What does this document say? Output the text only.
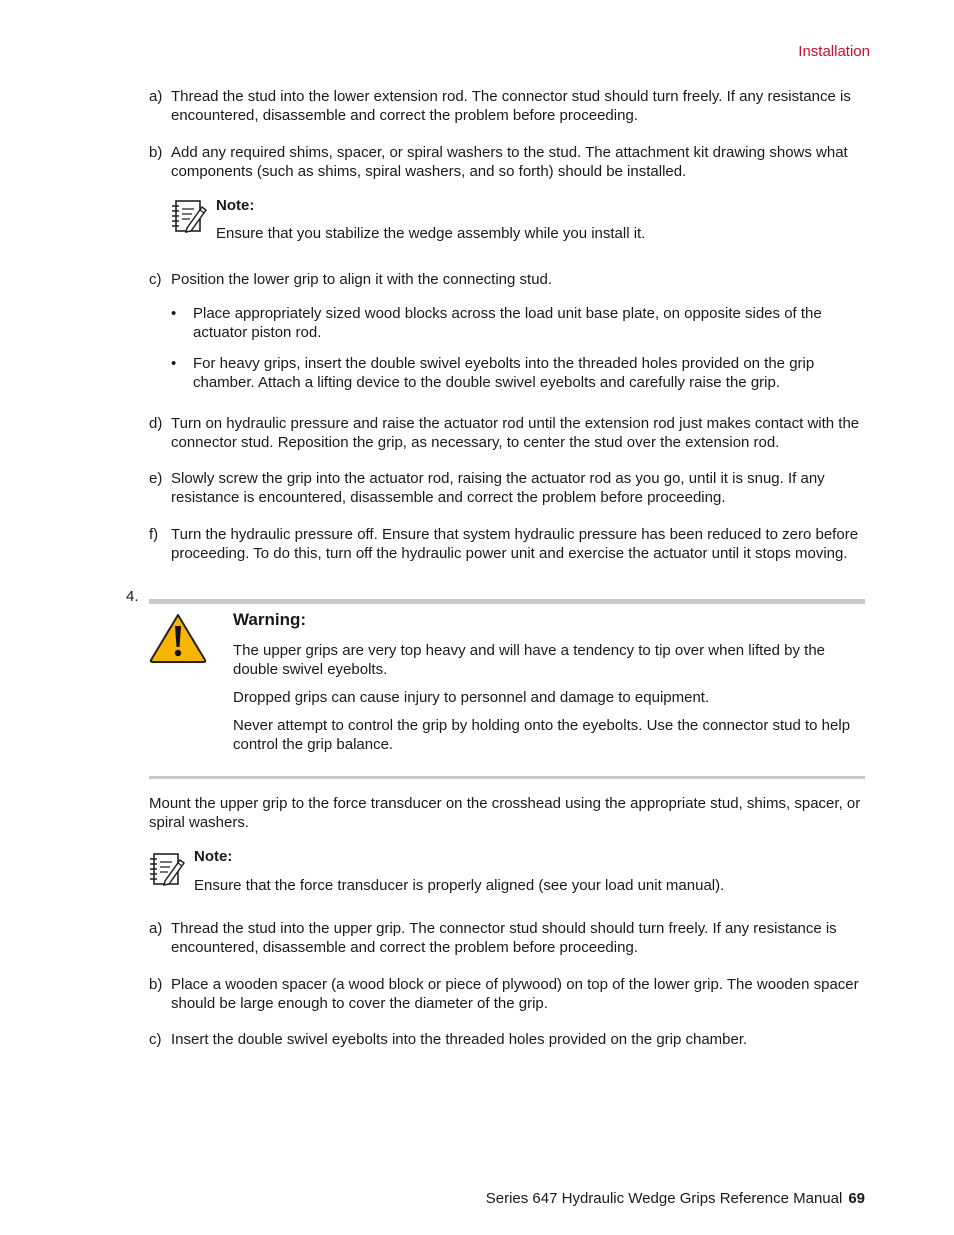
Installation
a) Thread the stud into the lower extension rod. The connector stud should turn freely. If any resistance is encountered, disassemble and correct the problem before proceeding.
b) Add any required shims, spacer, or spiral washers to the stud. The attachment kit drawing shows what components (such as shims, spiral washers, and so forth) should be installed.
Note:
Ensure that you stabilize the wedge assembly while you install it.
c) Position the lower grip to align it with the connecting stud.
• Place appropriately sized wood blocks across the load unit base plate, on opposite sides of the actuator piston rod.
• For heavy grips, insert the double swivel eyebolts into the threaded holes provided on the grip chamber. Attach a lifting device to the double swivel eyebolts and carefully raise the grip.
d) Turn on hydraulic pressure and raise the actuator rod until the extension rod just makes contact with the connector stud. Reposition the grip, as necessary, to center the stud over the extension rod.
e) Slowly screw the grip into the actuator rod, raising the actuator rod as you go, until it is snug. If any resistance is encountered, disassemble and correct the problem before proceeding.
f) Turn the hydraulic pressure off. Ensure that system hydraulic pressure has been reduced to zero before proceeding. To do this, turn off the hydraulic power unit and exercise the actuator until it stops moving.
4.
Warning:
The upper grips are very top heavy and will have a tendency to tip over when lifted by the double swivel eyebolts.
Dropped grips can cause injury to personnel and damage to equipment.
Never attempt to control the grip by holding onto the eyebolts. Use the connector stud to help control the grip balance.
Mount the upper grip to the force transducer on the crosshead using the appropriate stud, shims, spacer, or spiral washers.
Note:
Ensure that the force transducer is properly aligned (see your load unit manual).
a) Thread the stud into the upper grip. The connector stud should should turn freely. If any resistance is encountered, disassemble and correct the problem before proceeding.
b) Place a wooden spacer (a wood block or piece of plywood) on top of the lower grip. The wooden spacer should be large enough to cover the diameter of the grip.
c) Insert the double swivel eyebolts into the threaded holes provided on the grip chamber.
Series 647 Hydraulic Wedge Grips Reference Manual 69
